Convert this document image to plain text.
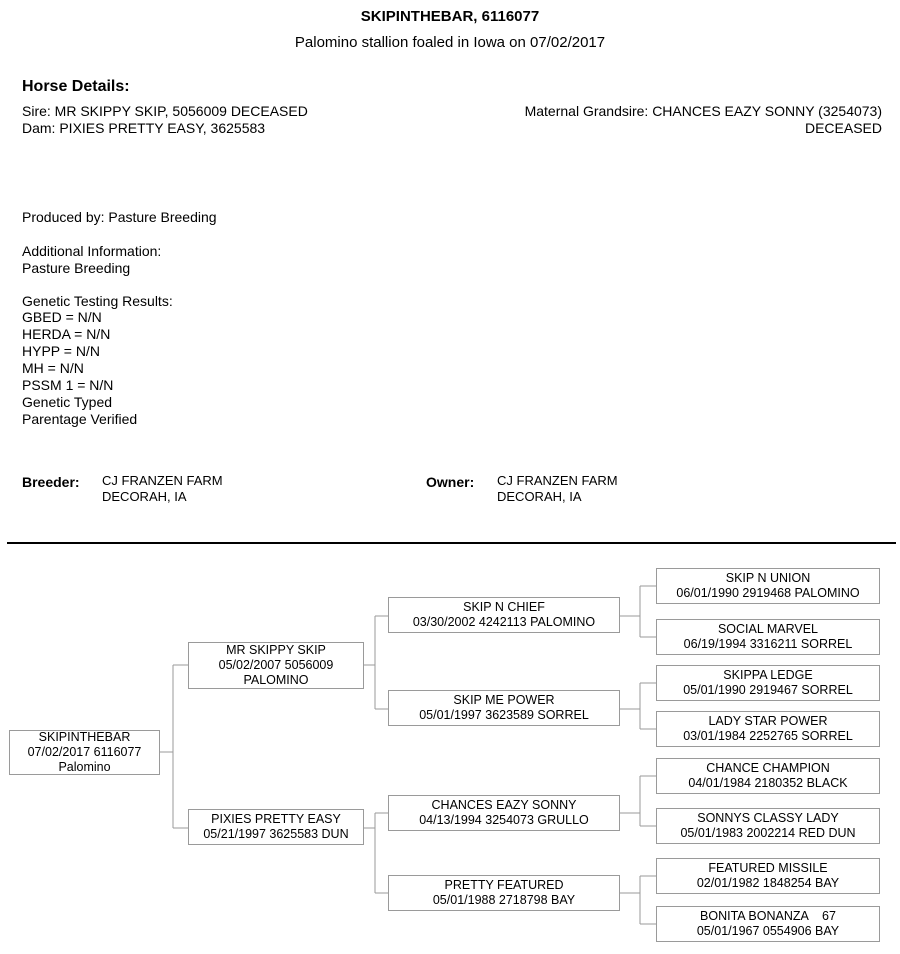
SKIPINTHEBAR, 6116077
Palomino stallion foaled in Iowa on 07/02/2017
Horse Details:
Sire: MR SKIPPY SKIP, 5056009 DECEASED
Dam: PIXIES PRETTY EASY, 3625583
Maternal Grandsire: CHANCES EAZY SONNY (3254073)
DECEASED
Produced by: Pasture Breeding
Additional Information:
Pasture Breeding
Genetic Testing Results:
GBED = N/N
HERDA = N/N
HYPP = N/N
MH = N/N
PSSM 1 = N/N
Genetic Typed
Parentage Verified
Breeder: CJ FRANZEN FARM
DECORAH, IA
Owner: CJ FRANZEN FARM
DECORAH, IA
SKIPINTHEBAR
07/02/2017 6116077
Palomino
MR SKIPPY SKIP
05/02/2007 5056009
PALOMINO
PIXIES PRETTY EASY
05/21/1997 3625583 DUN
SKIP N CHIEF
03/30/2002 4242113 PALOMINO
SKIP ME POWER
05/01/1997 3623589 SORREL
CHANCES EAZY SONNY
04/13/1994 3254073 GRULLO
PRETTY FEATURED
05/01/1988 2718798 BAY
SKIP N UNION
06/01/1990 2919468 PALOMINO
SOCIAL MARVEL
06/19/1994 3316211 SORREL
SKIPPA LEDGE
05/01/1990 2919467 SORREL
LADY STAR POWER
03/01/1984 2252765 SORREL
CHANCE CHAMPION
04/01/1984 2180352 BLACK
SONNYS CLASSY LADY
05/01/1983 2002214 RED DUN
FEATURED MISSILE
02/01/1982 1848254 BAY
BONITA BONANZA    67
05/01/1967 0554906 BAY
